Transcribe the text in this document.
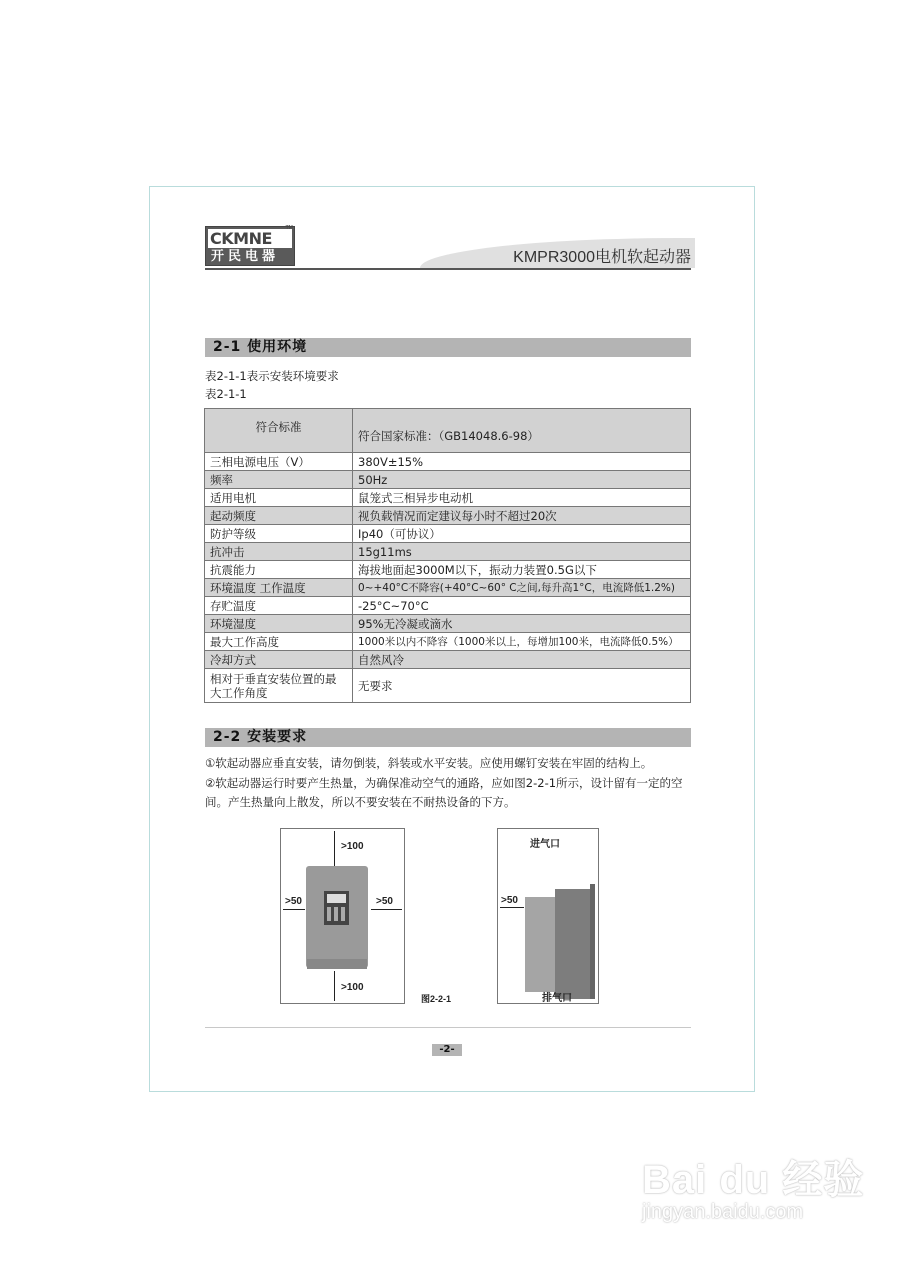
CKMNE
TM
开民电器	KMPR3000电机软起动器
2-1 使用环境
表2-1-1表示安装环境要求
表2-1-1
符合标准	符合国家标准：（GB14048.6-98）
三相电源电压（V）	380V±15%
频率	50Hz
适用电机	鼠笼式三相异步电动机
起动频度	视负载情况而定建议每小时不超过20次
防护等级	Ip40（可协议）
抗冲击	15g11ms
抗震能力	海拔地面起3000M以下，振动力装置0.5G以下
环境温度 工作温度	0~+40°C不降容(+40°C~60° C之间,每升高1°C，电流降低1.2%)
存贮温度	-25°C~70°C
环境湿度	95%无冷凝或滴水
最大工作高度	1000米以内不降容（1000米以上，每增加100米，电流降低0.5%）
冷却方式	自然风冷
相对于垂直安装位置的最大工作角度	无要求
2-2 安装要求
①软起动器应垂直安装，请勿倒装，斜装或水平安装。应使用螺钉安装在牢固的结构上。
②软起动器运行时要产生热量，为确保准动空气的通路，应如图2-2-1所示，设计留有一定的空间。产生热量向上散发，所以不要安装在不耐热设备的下方。
>100
>50	>50
>100
图2-2-1
进气口
>50
排气口
-2-
Bai du 经验
jingyan.baidu.com
